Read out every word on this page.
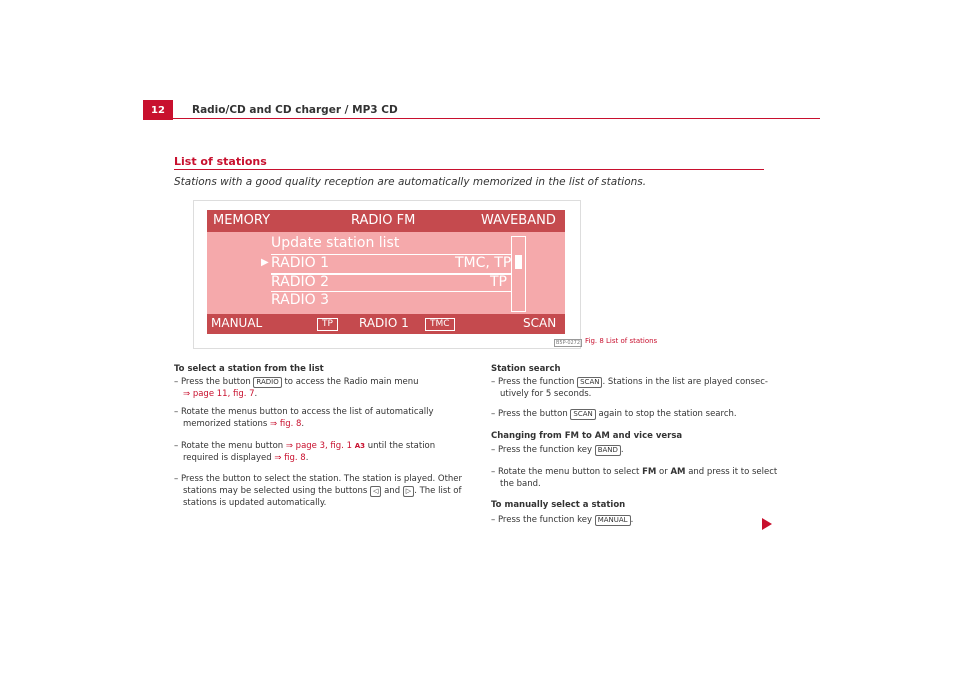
12	Radio/CD and CD charger / MP3 CD
List of stations
Stations with a good quality reception are automatically memorized in the list of stations.
MEMORY	RADIO FM	WAVEBAND
Update station list
▶ RADIO 1	TMC, TP
RADIO 2	TP
RADIO 3
MANUAL	TP	RADIO 1	TMC	SCAN
B5P-0272 Fig. 8 List of stations
To select a station from the list
– Press the button RADIO to access the Radio main menu
⇒ page 11, fig. 7.
– Rotate the menus button to access the list of automatically
memorized stations ⇒ fig. 8.
– Rotate the menu button ⇒ page 3, fig. 1 A3 until the station
required is displayed ⇒ fig. 8.
– Press the button to select the station. The station is played. Other
stations may be selected using the buttons ◁ and ▷ . The list of
stations is updated automatically.
Station search
– Press the function SCAN . Stations in the list are played consec-
utively for 5 seconds.
– Press the button SCAN again to stop the station search.
Changing from FM to AM and vice versa
– Press the function key BAND .
– Rotate the menu button to select FM or AM and press it to select
the band.
To manually select a station
– Press the function key MANUAL .
